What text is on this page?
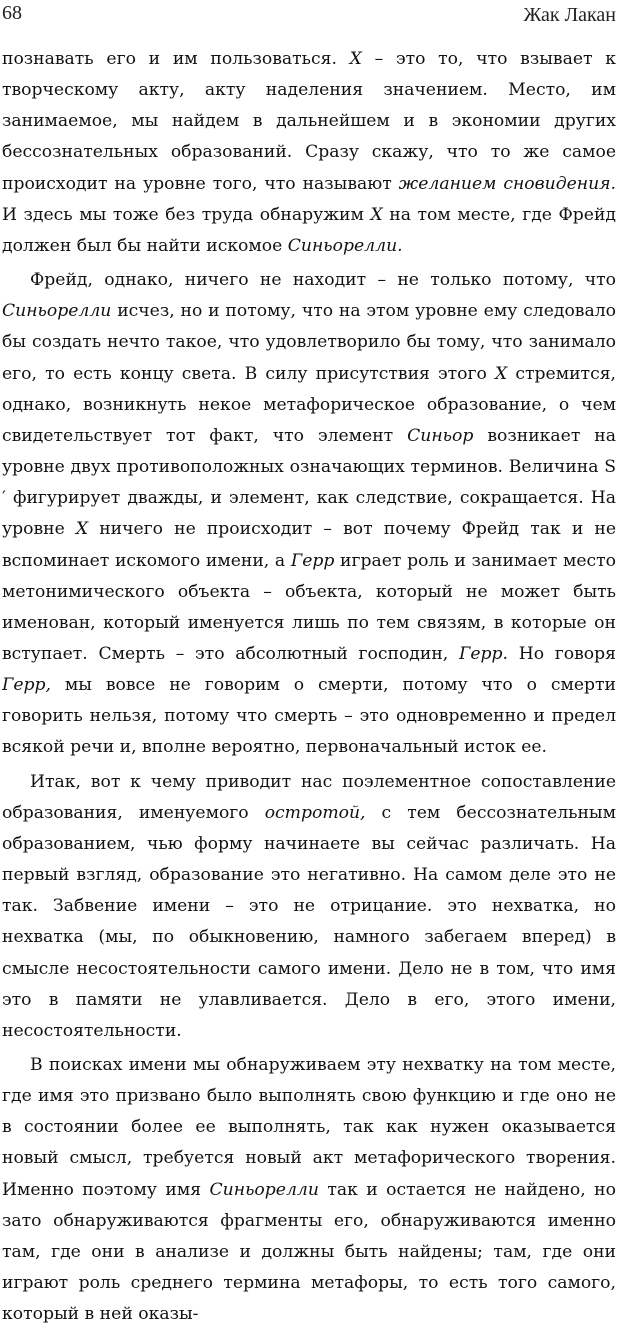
68	Жак Лакан

познавать его и им пользоваться. X – это то, что взывает к творческому акту, акту наделения значением. Место, им занимаемое, мы найдем в дальнейшем и в экономии других бессознательных образований. Сразу скажу, что то же самое происходит на уровне того, что называют желанием сновидения. И здесь мы тоже без труда обнаружим X на том месте, где Фрейд должен был бы найти искомое Синьорелли.

Фрейд, однако, ничего не находит – не только потому, что Синьорелли исчез, но и потому, что на этом уровне ему следовало бы создать нечто такое, что удовлетворило бы тому, что занимало его, то есть концу света. В силу присутствия этого X стремится, однако, возникнуть некое метафорическое образование, о чем свидетельствует тот факт, что элемент Синьор возникает на уровне двух противоположных означающих терминов. Величина S ′ фигурирует дважды, и элемент, как следствие, сокращается. На уровне X ничего не происходит – вот почему Фрейд так и не вспоминает искомого имени, а Герр играет роль и занимает место метонимического объекта – объекта, который не может быть именован, который именуется лишь по тем связям, в которые он вступает. Смерть – это абсолютный господин, Герр. Но говоря Герр, мы вовсе не говорим о смерти, потому что о смерти говорить нельзя, потому что смерть – это одновременно и предел всякой речи и, вполне вероятно, первоначальный исток ее.

Итак, вот к чему приводит нас поэлементное сопоставление образования, именуемого остротой, с тем бессознательным образованием, чью форму начинаете вы сейчас различать. На первый взгляд, образование это негативно. На самом деле это не так. Забвение имени – это не отрицание. это нехватка, но нехватка (мы, по обыкновению, намного забегаем вперед) в смысле несостоятельности самого имени. Дело не в том, что имя это в памяти не улавливается. Дело в его, этого имени, несостоятельности.

В поисках имени мы обнаруживаем эту нехватку на том месте, где имя это призвано было выполнять свою функцию и где оно не в состоянии более ее выполнять, так как нужен оказывается новый смысл, требуется новый акт метафорического творения. Именно поэтому имя Синьорелли так и остается не найдено, но зато обнаруживаются фрагменты его, обнаруживаются именно там, где они в анализе и должны быть найдены; там, где они играют роль среднего термина метафоры, то есть того самого, который в ней оказы-
